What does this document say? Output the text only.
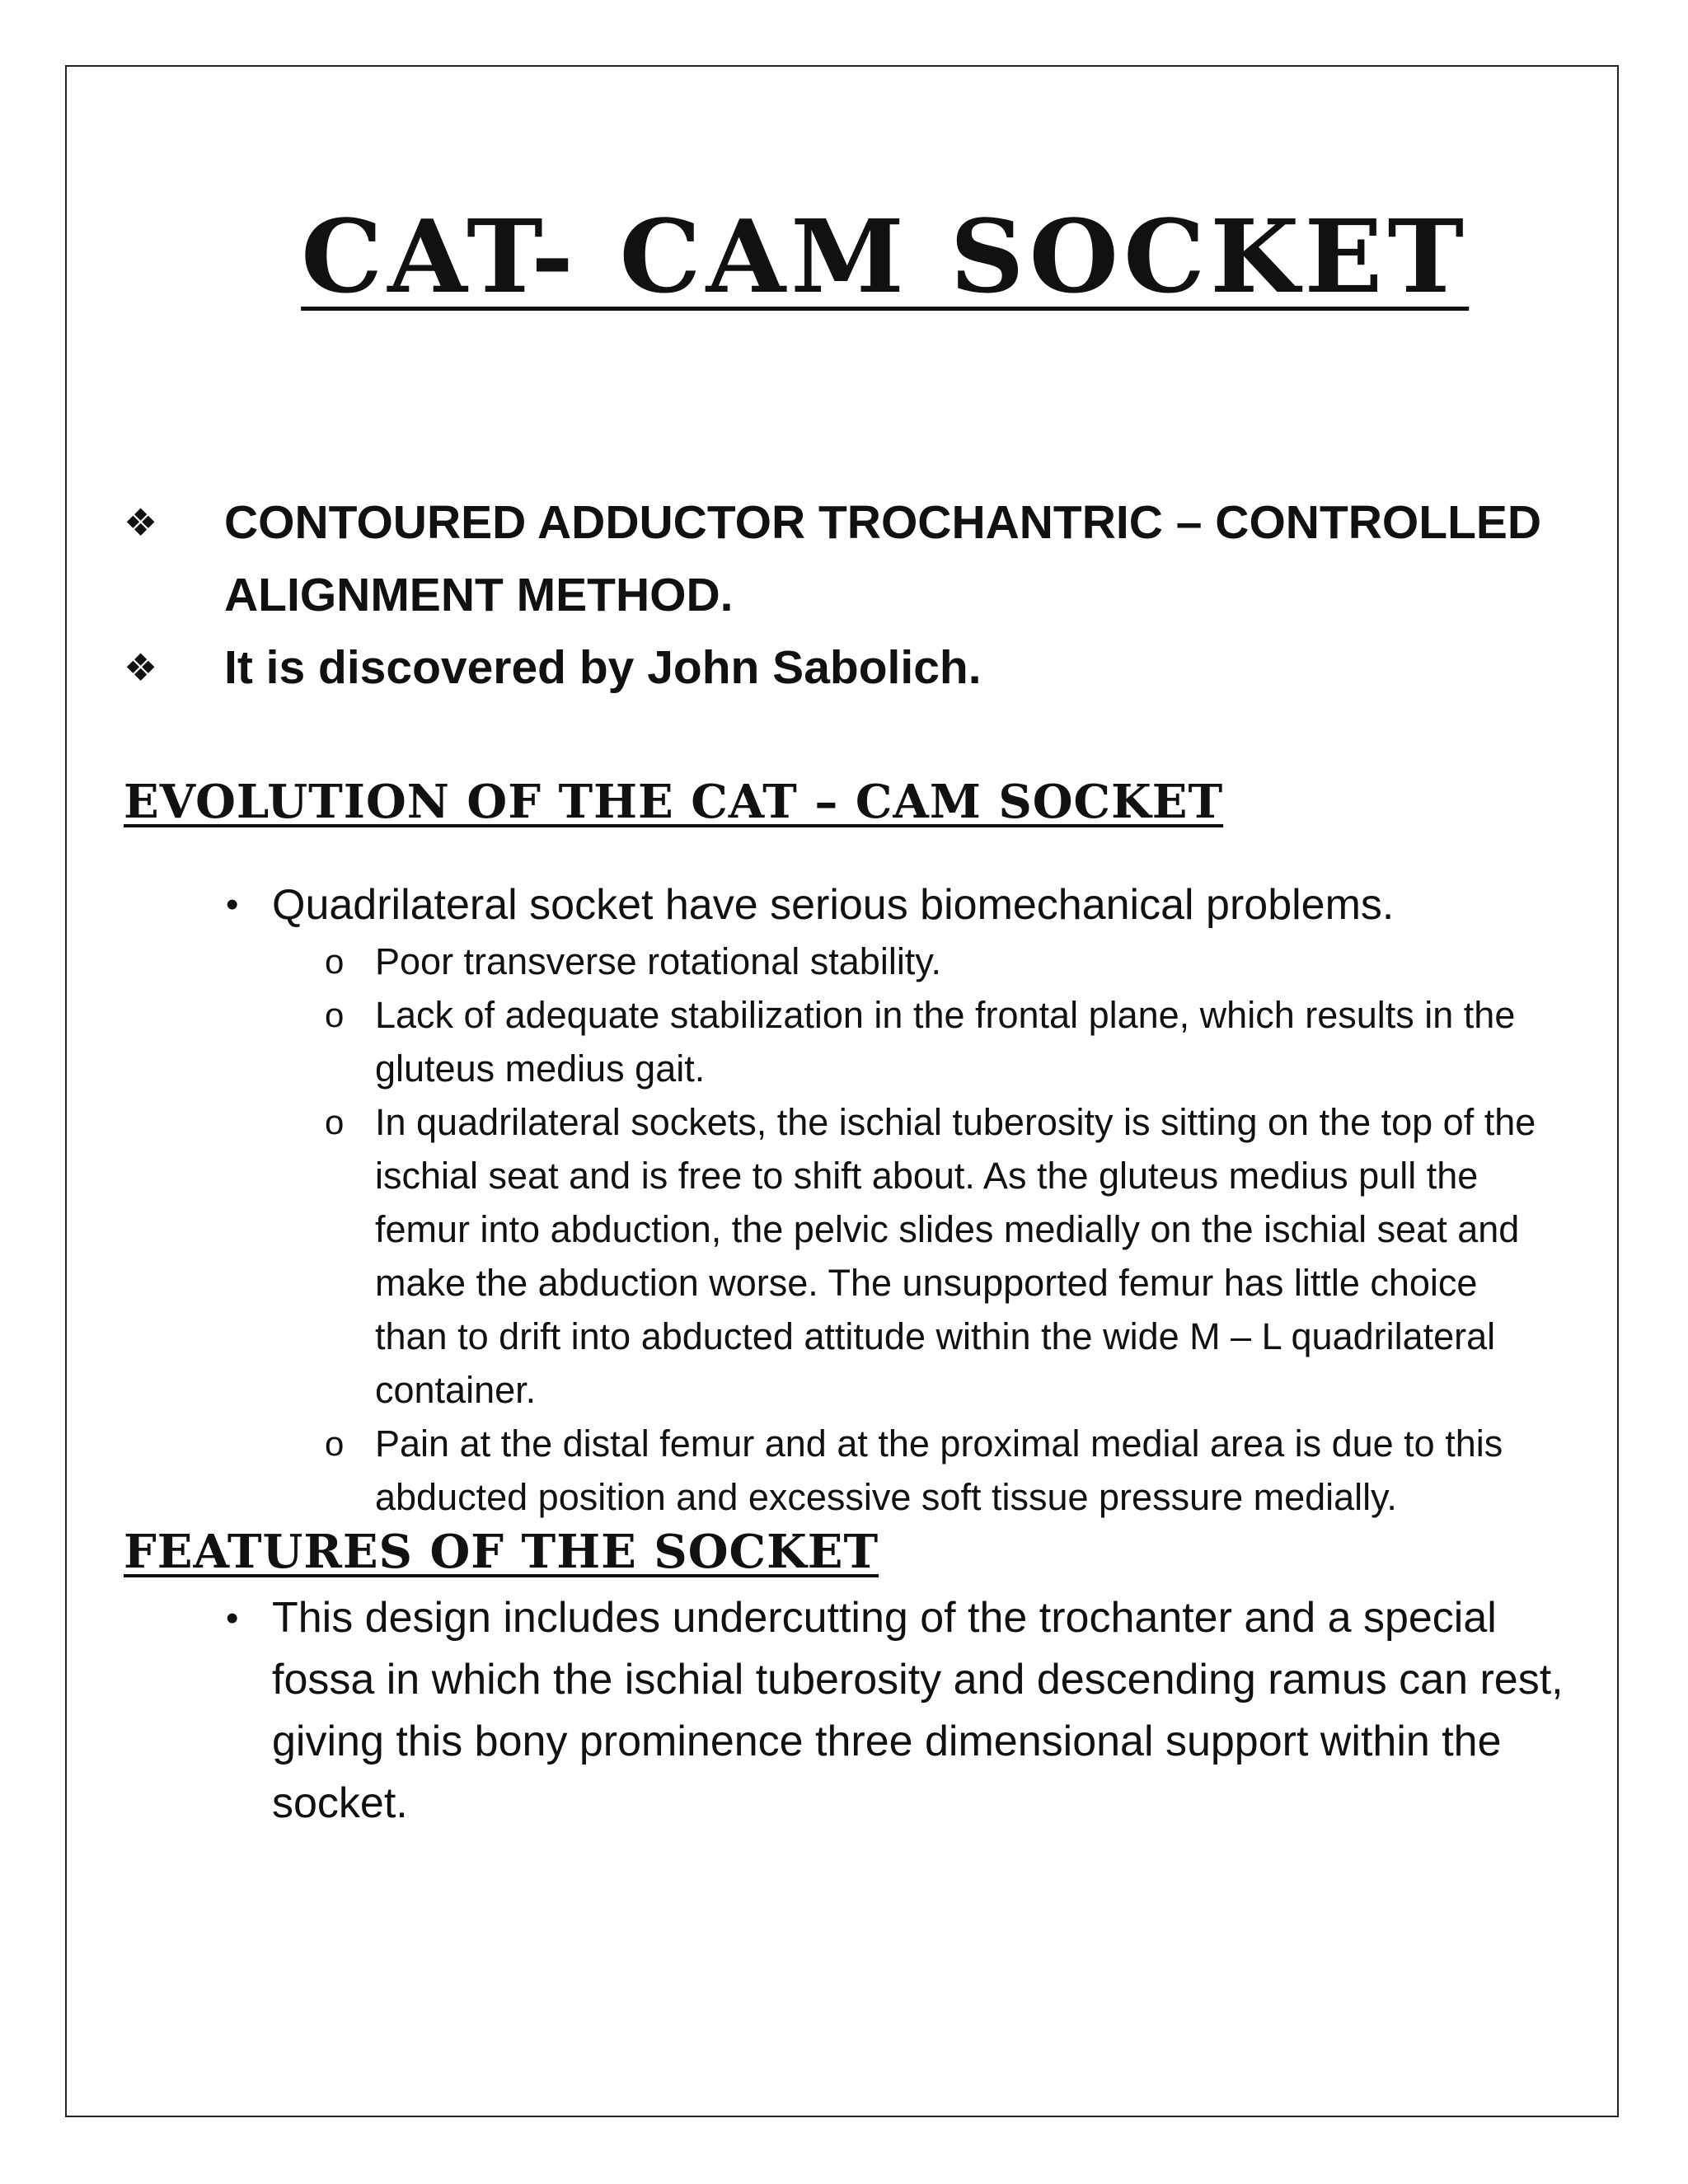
CAT- CAM SOCKET
❖ CONTOURED ADDUCTOR TROCHANTRIC – CONTROLLED ALIGNMENT METHOD.
❖ It is discovered by John Sabolich.
EVOLUTION OF THE CAT – CAM SOCKET
• Quadrilateral socket have serious biomechanical problems.
o Poor transverse rotational stability.
o Lack of adequate stabilization in the frontal plane, which results in the gluteus medius gait.
o In quadrilateral sockets, the ischial tuberosity is sitting on the top of the ischial seat and is free to shift about. As the gluteus medius pull the femur into abduction, the pelvic slides medially on the ischial seat and make the abduction worse. The unsupported femur has little choice than to drift into abducted attitude within the wide M – L quadrilateral container.
o Pain at the distal femur and at the proximal medial area is due to this abducted position and excessive soft tissue pressure medially.
FEATURES OF THE SOCKET
• This design includes undercutting of the trochanter and a special fossa in which the ischial tuberosity and descending ramus can rest, giving this bony prominence three dimensional support within the socket.
